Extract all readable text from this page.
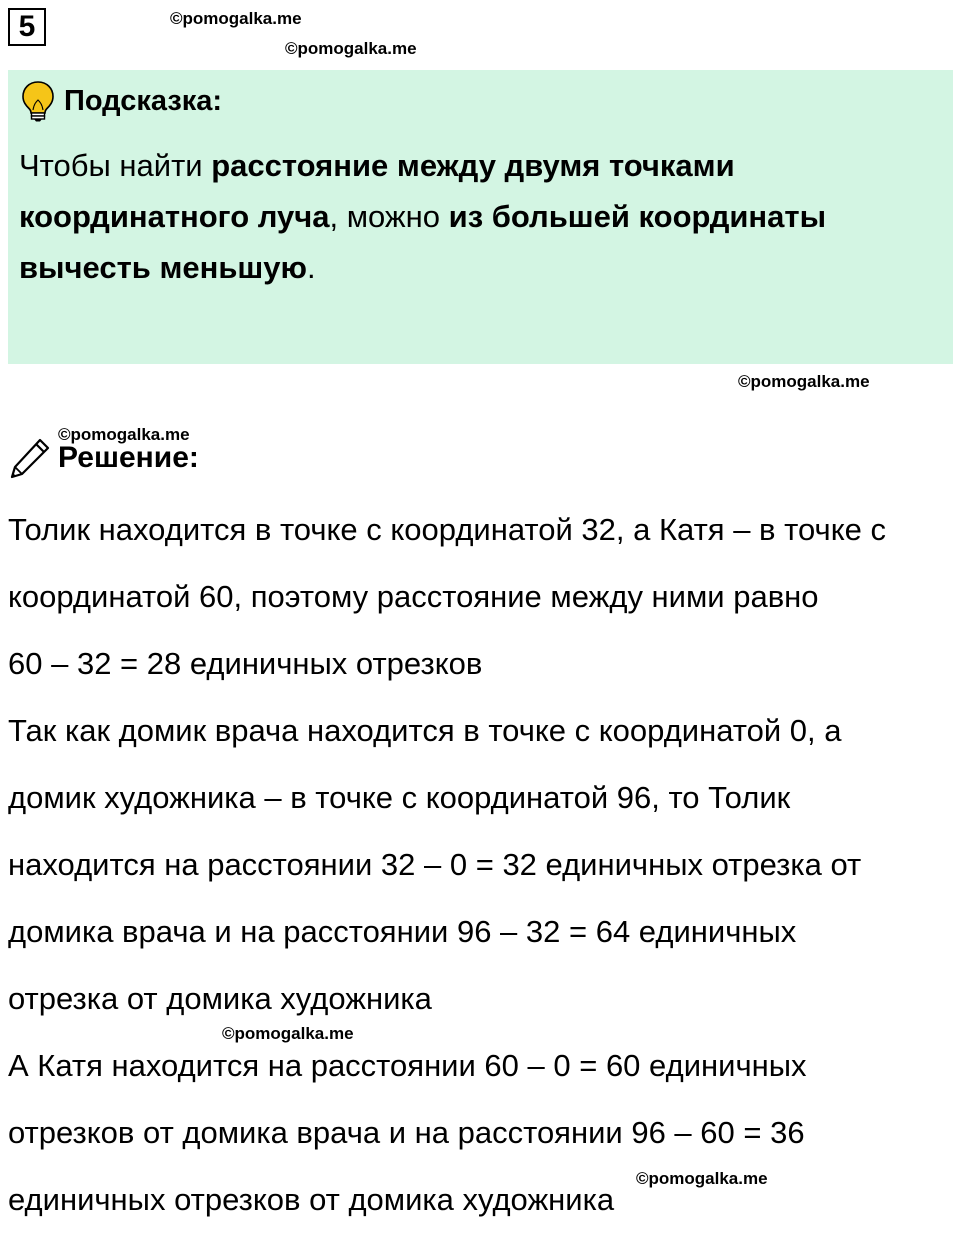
5	©pomogalka.me
©pomogalka.me
Подсказка:
Чтобы найти расстояние между двумя точками
координатного луча, можно из большей координаты
вычесть меньшую.
©pomogalka.me
©pomogalka.me
Решение:
Толик находится в точке с координатой 32, а Катя – в точке с
координатой 60, поэтому расстояние между ними равно
60 – 32 = 28 единичных отрезков
Так как домик врача находится в точке с координатой 0, а
домик художника – в точке с координатой 96, то Толик
находится на расстоянии 32 – 0 = 32 единичных отрезка от
домика врача и на расстоянии 96 – 32 = 64 единичных
отрезка от домика художника
А Катя находится на расстоянии 60 – 0 = 60 единичных
отрезков от домика врача и на расстоянии 96 – 60 = 36
единичных отрезков от домика художника
©pomogalka.me
©pomogalka.me
